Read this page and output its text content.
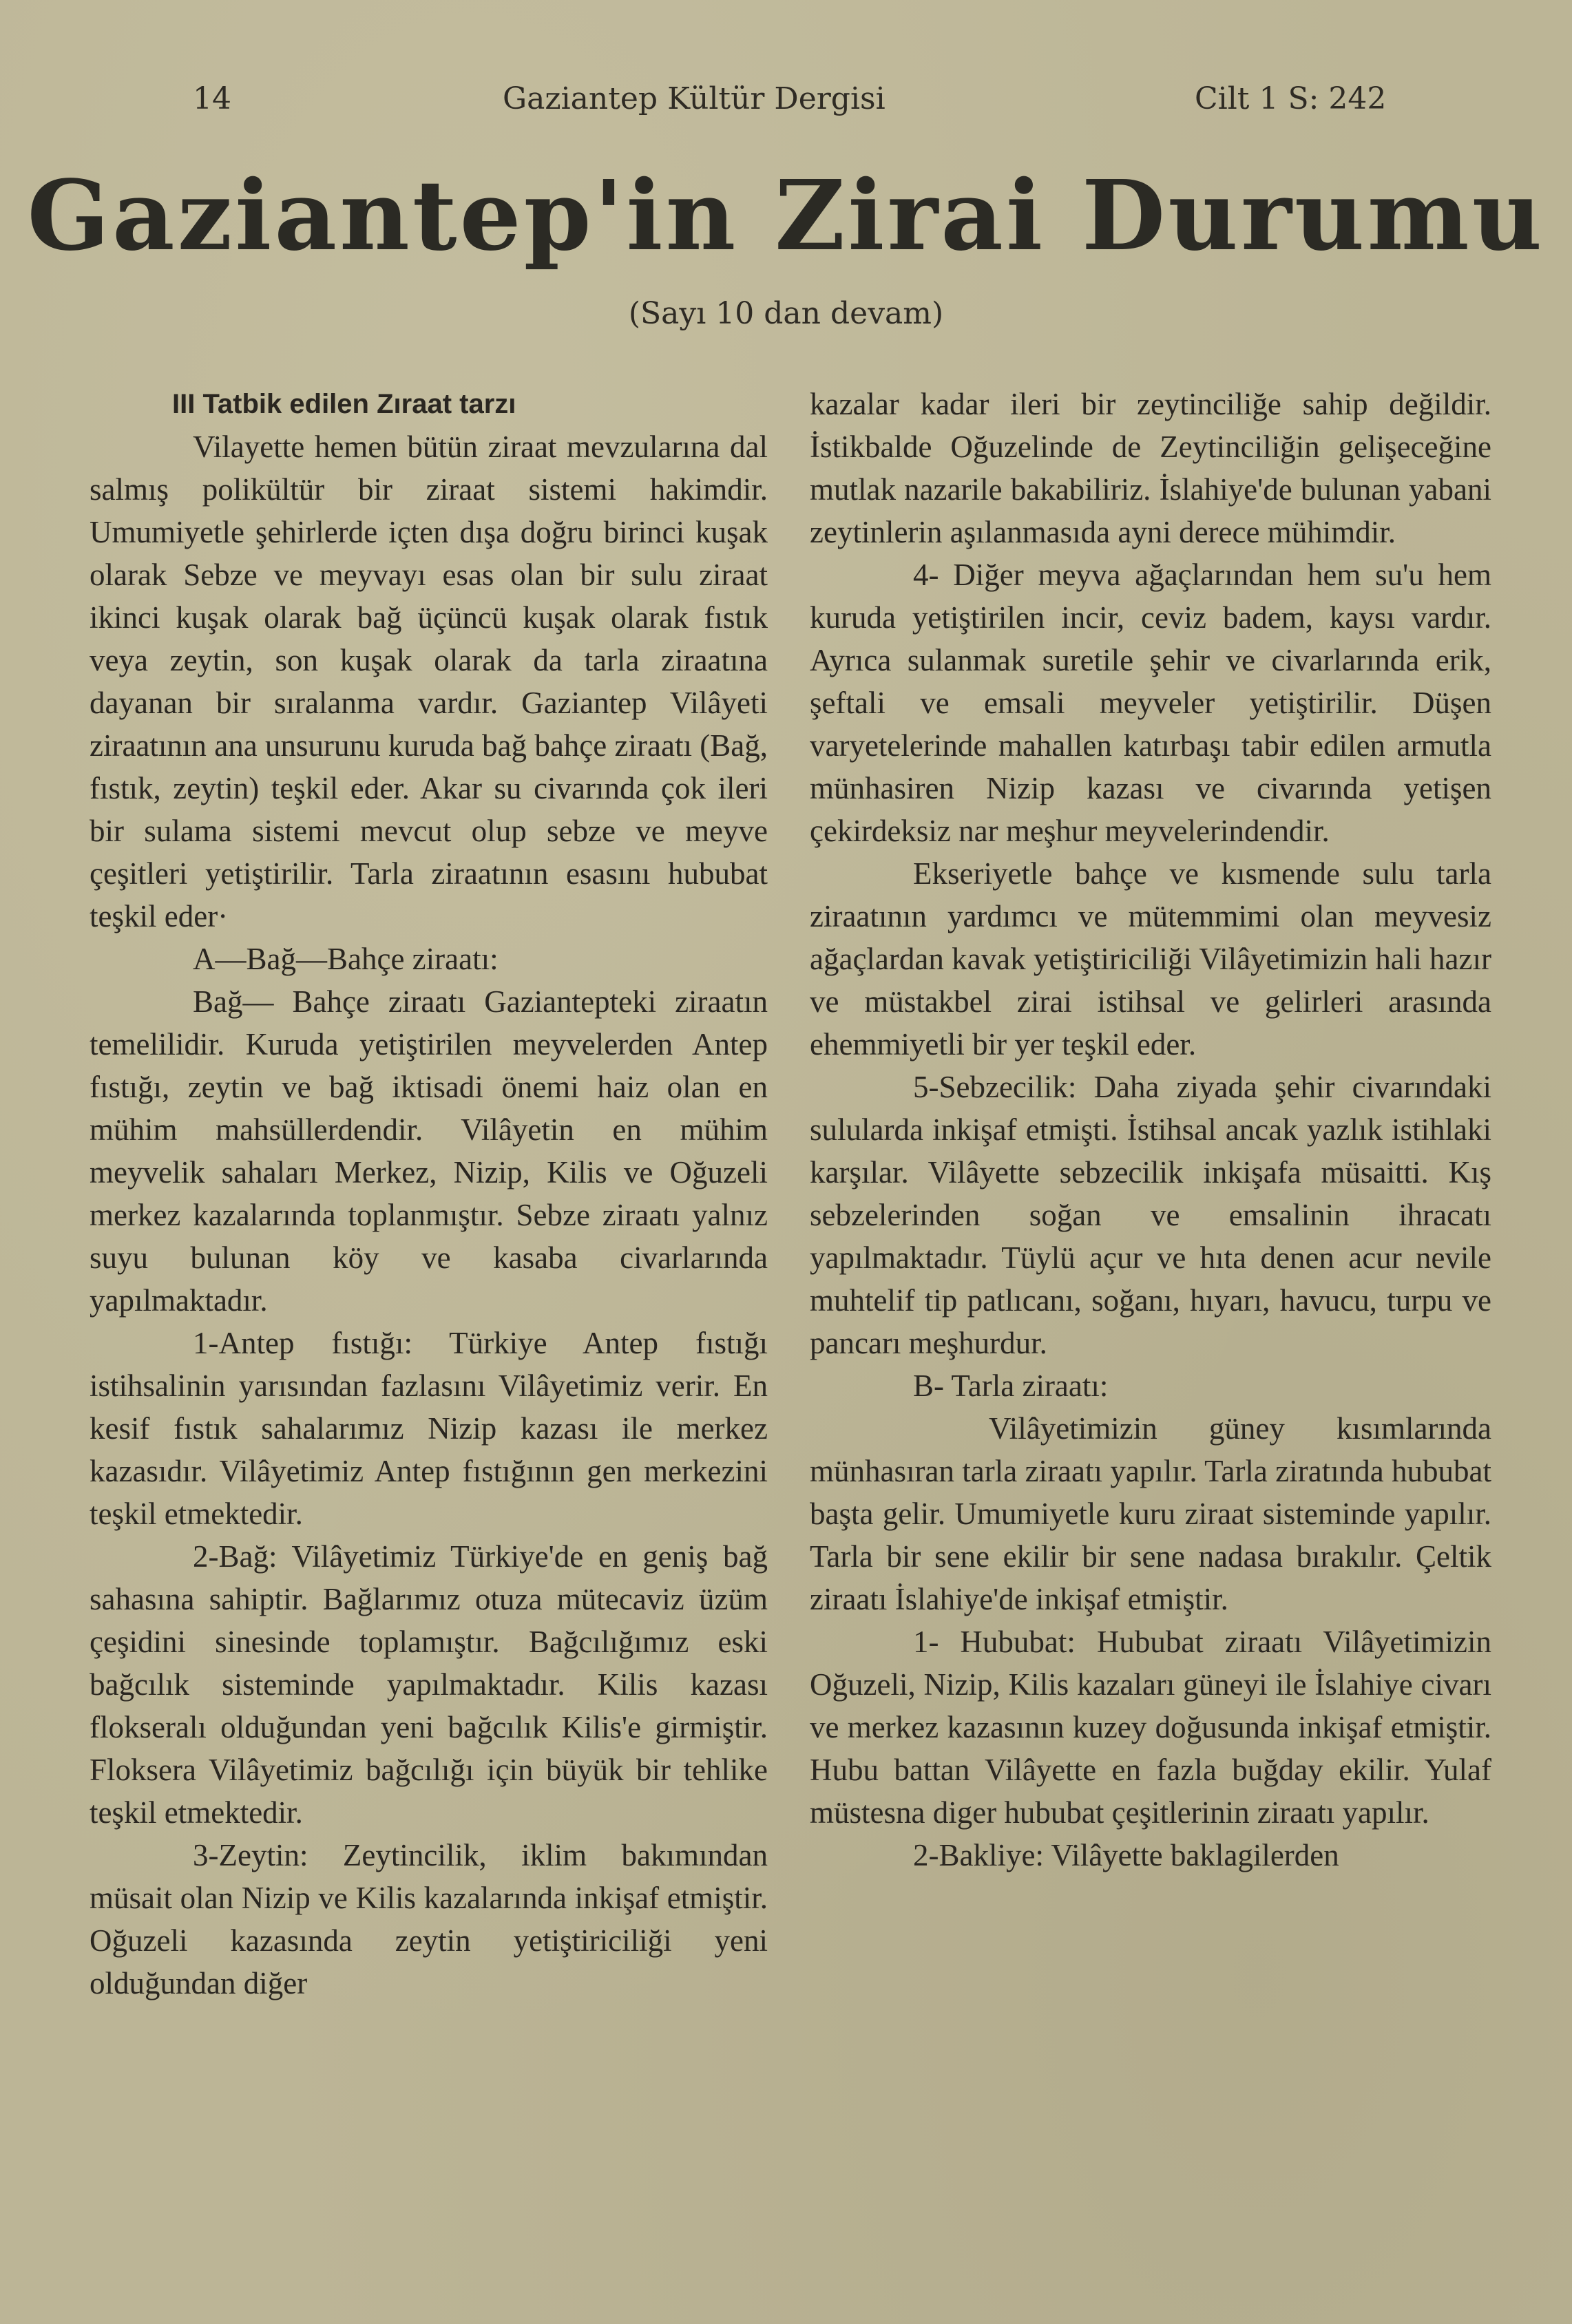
14	Gaziantep Kültür Dergisi	Cilt 1 S: 242
Gaziantep'in Zirai Durumu
(Sayı 10 dan devam)

III Tatbik edilen Zıraat tarzı

Vilayette hemen bütün ziraat mevzularına dal salmış polikültür bir ziraat sistemi hakimdir. Umumiyetle şehirlerde içten dışa doğru birinci kuşak olarak Sebze ve meyvayı esas olan bir sulu ziraat ikinci kuşak olarak bağ üçüncü kuşak olarak fıstık veya zeytin, son kuşak olarak da tarla ziraatına dayanan bir sıralanma vardır. Gaziantep Vilâyeti ziraatının ana unsurunu kuruda bağ bahçe ziraatı (Bağ, fıstık, zeytin) teşkil eder. Akar su civarında çok ileri bir sulama sistemi mevcut olup sebze ve meyve çeşitleri yetiştirilir. Tarla ziraatının esasını hububat teşkil eder·

A—Bağ—Bahçe ziraatı:

Bağ— Bahçe ziraatı Gaziantepteki ziraatın temelilidir. Kuruda yetiştirilen meyvelerden Antep fıstığı, zeytin ve bağ iktisadi önemi haiz olan en mühim mahsüllerdendir. Vilâyetin en mühim meyvelik sahaları Merkez, Nizip, Kilis ve Oğuzeli merkez kazalarında toplanmıştır. Sebze ziraatı yalnız suyu bulunan köy ve kasaba civarlarında yapılmaktadır.

1-Antep fıstığı: Türkiye Antep fıstığı istihsalinin yarısından fazlasını Vilâyetimiz verir. En kesif fıstık sahalarımız Nizip kazası ile merkez kazasıdır. Vilâyetimiz Antep fıstığının gen merkezini teşkil etmektedir.

2-Bağ: Vilâyetimiz Türkiye'de en geniş bağ sahasına sahiptir. Bağlarımız otuza mütecaviz üzüm çeşidini sinesinde toplamıştır. Bağcılığımız eski bağcılık sisteminde yapılmaktadır. Kilis kazası flokseralı olduğundan yeni bağcılık Kilis'e girmiştir. Floksera Vilâyetimiz bağcılığı için büyük bir tehlike teşkil etmektedir.

3-Zeytin: Zeytincilik, iklim bakımından müsait olan Nizip ve Kilis kazalarında inkişaf etmiştir. Oğuzeli kazasında zeytin yetiştiriciliği yeni olduğundan diğer

kazalar kadar ileri bir zeytinciliğe sahip değildir. İstikbalde Oğuzelinde de Zeytinciliğin gelişeceğine mutlak nazarile bakabiliriz. İslahiye'de bulunan yabani zeytinlerin aşılanmasıda ayni derece mühimdir.

4- Diğer meyva ağaçlarından hem su'u hem kuruda yetiştirilen incir, ceviz badem, kaysı vardır. Ayrıca sulanmak suretile şehir ve civarlarında erik, şeftali ve emsali meyveler yetiştirilir. Düşen varyetelerinde mahallen katırbaşı tabir edilen armutla münhasiren Nizip kazası ve civarında yetişen çekirdeksiz nar meşhur meyvelerindendir.

Ekseriyetle bahçe ve kısmende sulu tarla ziraatının yardımcı ve mütemmimi olan meyvesiz ağaçlardan kavak yetiştiriciliği Vilâyetimizin hali hazır ve müstakbel zirai istihsal ve gelirleri arasında ehemmiyetli bir yer teşkil eder.

5-Sebzecilik: Daha ziyada şehir civarındaki sulularda inkişaf etmişti. İstihsal ancak yazlık istihlaki karşılar. Vilâyette sebzecilik inkişafa müsaitti. Kış sebzelerinden soğan ve emsalinin ihracatı yapılmaktadır. Tüylü açur ve hıta denen acur nevile muhtelif tip patlıcanı, soğanı, hıyarı, havucu, turpu ve pancarı meşhurdur.

B- Tarla ziraatı:

Vilâyetimizin güney kısımlarında münhasıran tarla ziraatı yapılır. Tarla ziratında hububat başta gelir. Umumiyetle kuru ziraat sisteminde yapılır. Tarla bir sene ekilir bir sene nadasa bırakılır. Çeltik ziraatı İslahiye'de inkişaf etmiştir.

1- Hububat: Hububat ziraatı Vilâyetimizin Oğuzeli, Nizip, Kilis kazaları güneyi ile İslahiye civarı ve merkez kazasının kuzey doğusunda inkişaf etmiştir. Hubu battan Vilâyette en fazla buğday ekilir. Yulaf müstesna diger hububat çeşitlerinin ziraatı yapılır.

2-Bakliye: Vilâyette baklagilerden
